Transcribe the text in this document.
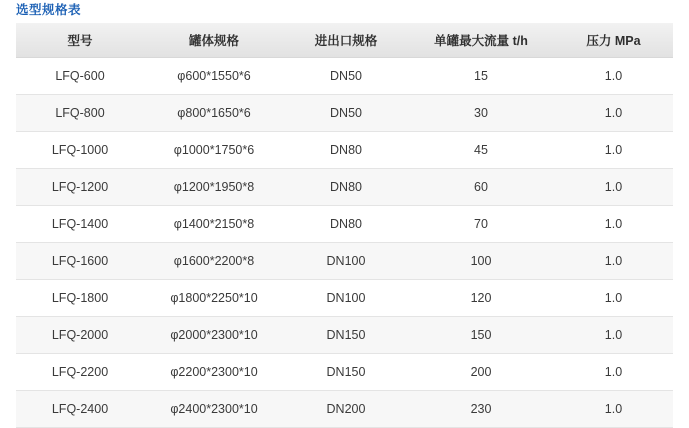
选型规格表
型号	罐体规格	进出口规格	单罐最大流量 t/h	压力 MPa
LFQ-600	φ600*1550*6	DN50	15	1.0
LFQ-800	φ800*1650*6	DN50	30	1.0
LFQ-1000	φ1000*1750*6	DN80	45	1.0
LFQ-1200	φ1200*1950*8	DN80	60	1.0
LFQ-1400	φ1400*2150*8	DN80	70	1.0
LFQ-1600	φ1600*2200*8	DN100	100	1.0
LFQ-1800	φ1800*2250*10	DN100	120	1.0
LFQ-2000	φ2000*2300*10	DN150	150	1.0
LFQ-2200	φ2200*2300*10	DN150	200	1.0
LFQ-2400	φ2400*2300*10	DN200	230	1.0
